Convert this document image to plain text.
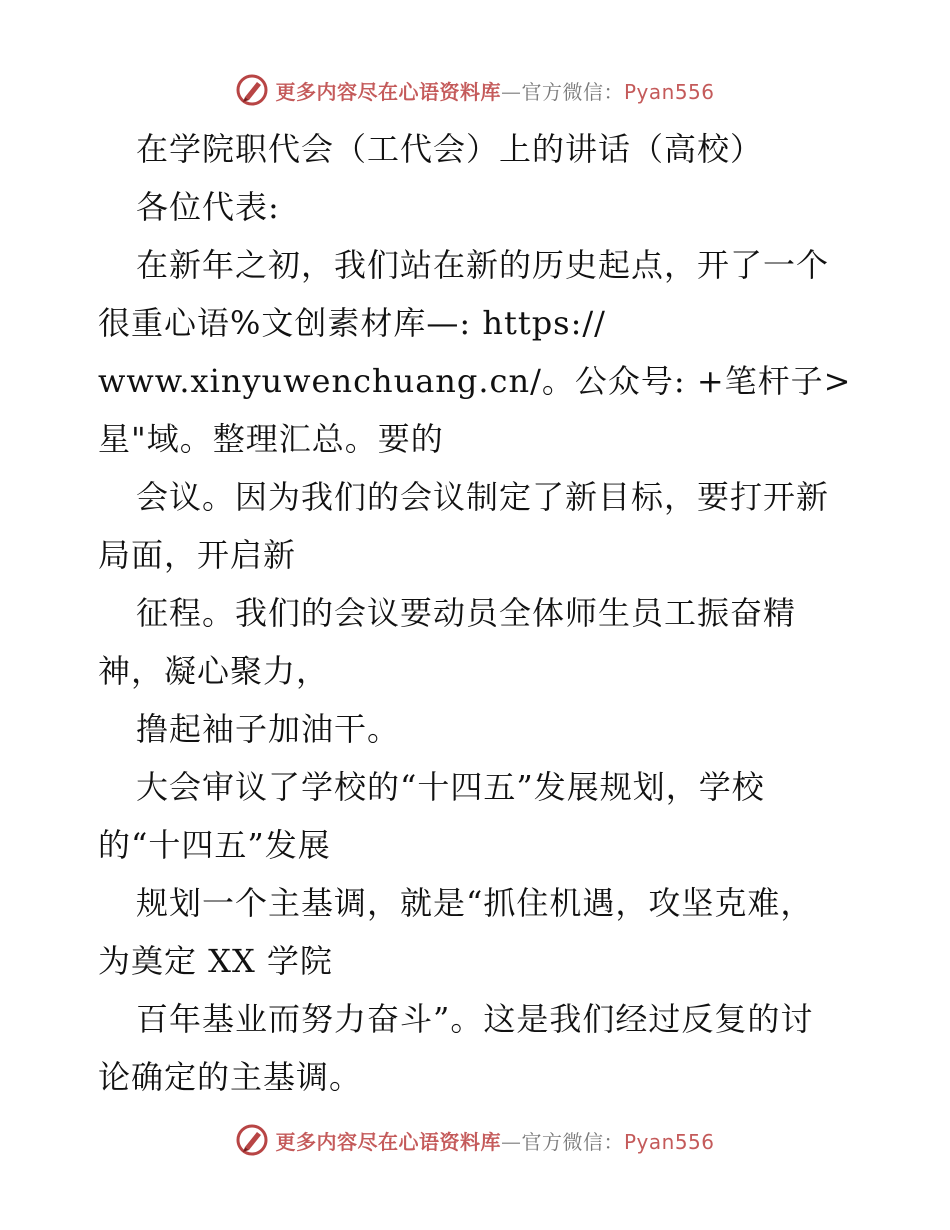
更多内容尽在心语资料库—官方微信：Pyan556
在学院职代会（工代会）上的讲话（高校）
各位代表:
在新年之初，我们站在新的历史起点，开了一个
很重心语%文创素材库—: https://
www.xinyuwenchuang.cn/。公众号: +笔杆子>
星"域。整理汇总。要的
会议。因为我们的会议制定了新目标，要打开新
局面，开启新
征程。我们的会议要动员全体师生员工振奋精
神，凝心聚力，
撸起袖子加油干。
大会审议了学校的“十四五”发展规划，学校
的“十四五”发展
规划一个主基调，就是“抓住机遇，攻坚克难，
为奠定 XX 学院
百年基业而努力奋斗”。这是我们经过反复的讨
论确定的主基调。
更多内容尽在心语资料库—官方微信：Pyan556
